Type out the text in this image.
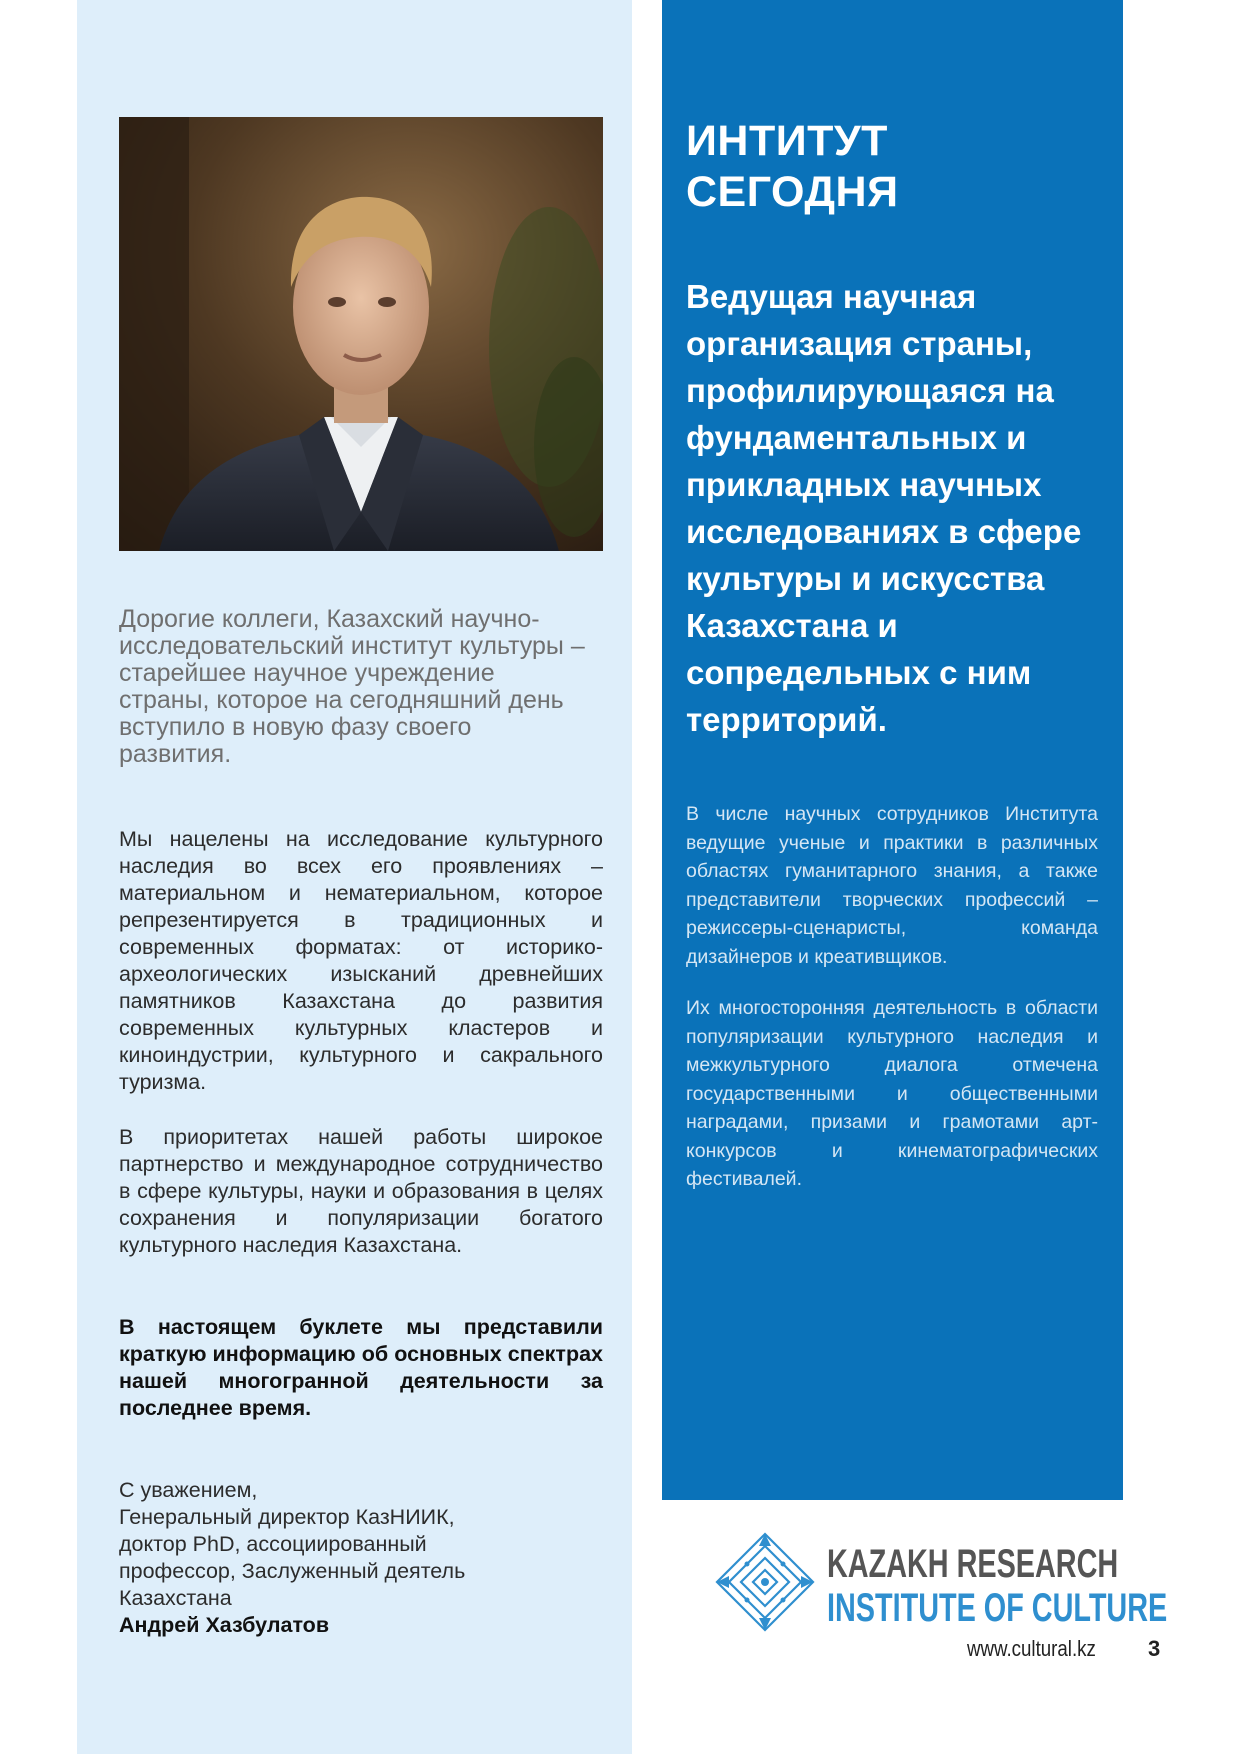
Дорогие коллеги, Казахский научно-исследовательский институт культуры – старейшее научное учреждение страны, которое на сегодняшний день вступило в новую фазу своего развития.

Мы нацелены на исследование культурного наследия во всех его проявлениях – материальном и нематериальном, которое репрезентируется в традиционных и современных форматах: от историко-археологических изысканий древнейших памятников Казахстана до развития современных культурных кластеров и киноиндустрии, культурного и сакрального туризма.

В приоритетах нашей работы широкое партнерство и международное сотрудничество в сфере культуры, науки и образования в целях сохранения и популяризации богатого культурного наследия Казахстана.

В настоящем буклете мы представили краткую информацию об основных спектрах нашей многогранной деятельности за последнее время.

С уважением,
Генеральный директор КазНИИК,
доктор PhD, ассоциированный
профессор, Заслуженный деятель
Казахстана
Андрей Хазбулатов
ИНТИТУТ
СЕГОДНЯ

Ведущая научная организация страны, профилирующаяся на фундаментальных и прикладных научных исследованиях в сфере культуры и искусства Казахстана и сопредельных с ним территорий.

В числе научных сотрудников Института ведущие ученые и практики в различных областях гуманитарного знания, а также представители творческих профессий – режиссеры-сценаристы, команда дизайнеров и креативщиков.

Их многосторонняя деятельность в области популяризации культурного наследия и межкультурного диалога отмечена государственными и общественными наградами, призами и грамотами арт-конкурсов и кинематографических фестивалей.

KAZAKH RESEARCH
INSTITUTE OF CULTURE
www.cultural.kz 3
